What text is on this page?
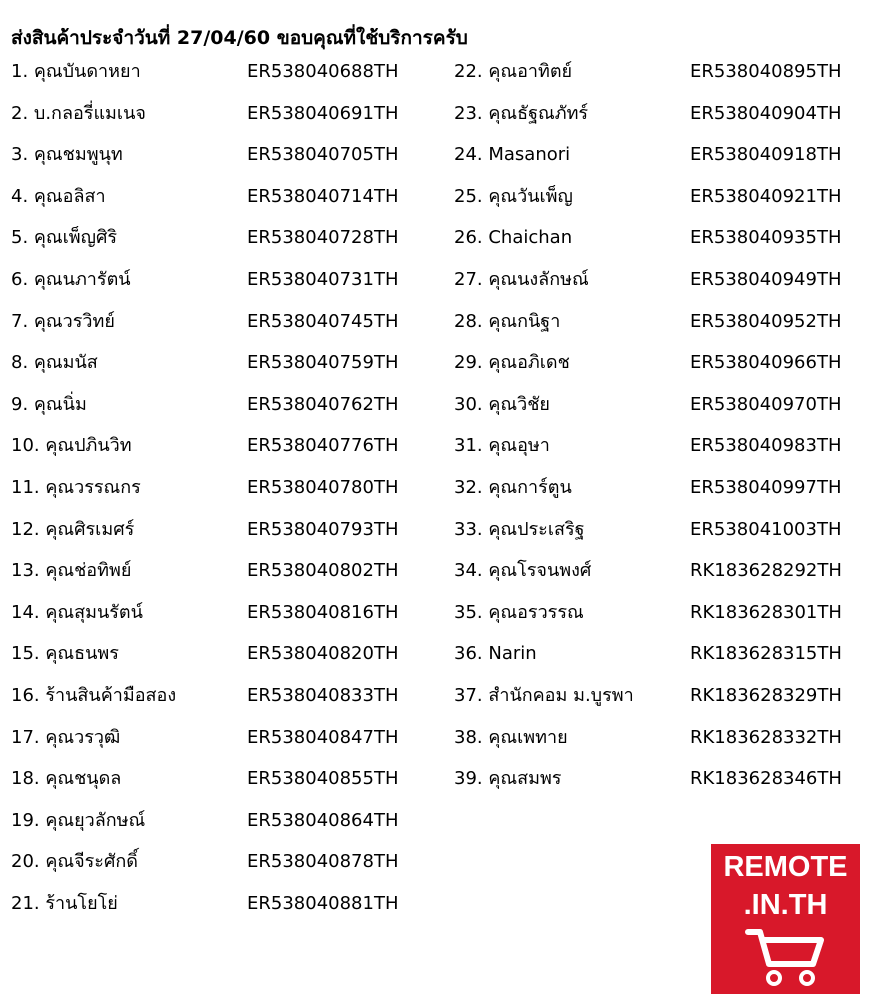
ส่งสินค้าประจำวันที่ 27/04/60 ขอบคุณที่ใช้บริการครับ
1. คุณบันดาหยา	ER538040688TH
2. บ.กลอรี่แมเนจ	ER538040691TH
3. คุณชมพูนุท	ER538040705TH
4. คุณอลิสา	ER538040714TH
5. คุณเพ็ญศิริ	ER538040728TH
6. คุณนภารัตน์	ER538040731TH
7. คุณวรวิทย์	ER538040745TH
8. คุณมนัส	ER538040759TH
9. คุณนิ่ม	ER538040762TH
10. คุณปภินวิท	ER538040776TH
11. คุณวรรณกร	ER538040780TH
12. คุณศิรเมศร์	ER538040793TH
13. คุณช่อทิพย์	ER538040802TH
14. คุณสุมนรัตน์	ER538040816TH
15. คุณธนพร	ER538040820TH
16. ร้านสินค้ามือสอง	ER538040833TH
17. คุณวรวุฒิ	ER538040847TH
18. คุณชนุดล	ER538040855TH
19. คุณยุวลักษณ์	ER538040864TH
20. คุณจีระศักดิ์	ER538040878TH
21. ร้านโยโย่	ER538040881TH
22. คุณอาทิตย์	ER538040895TH
23. คุณธัฐณภัทร์	ER538040904TH
24. Masanori	ER538040918TH
25. คุณวันเพ็ญ	ER538040921TH
26. Chaichan	ER538040935TH
27. คุณนงลักษณ์	ER538040949TH
28. คุณกนิฐา	ER538040952TH
29. คุณอภิเดช	ER538040966TH
30. คุณวิชัย	ER538040970TH
31. คุณอุษา	ER538040983TH
32. คุณการ์ตูน	ER538040997TH
33. คุณประเสริฐ	ER538041003TH
34. คุณโรจนพงศ์	RK183628292TH
35. คุณอรวรรณ	RK183628301TH
36. Narin	RK183628315TH
37. สำนักคอม ม.บูรพา	RK183628329TH
38. คุณเพทาย	RK183628332TH
39. คุณสมพร	RK183628346TH
REMOTE
.IN.TH
